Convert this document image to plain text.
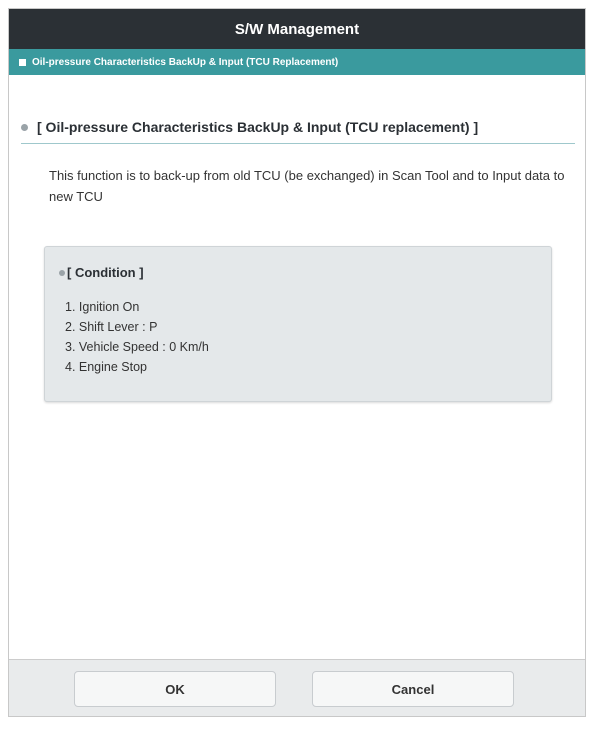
S/W Management
Oil-pressure Characteristics BackUp & Input (TCU Replacement)
[ Oil-pressure Characteristics BackUp & Input (TCU replacement) ]
This function is to back-up from old TCU (be exchanged) in Scan Tool and to Input data to new TCU
[ Condition ]
1. Ignition On
2. Shift Lever : P
3. Vehicle Speed : 0 Km/h
4. Engine Stop
OK	Cancel
